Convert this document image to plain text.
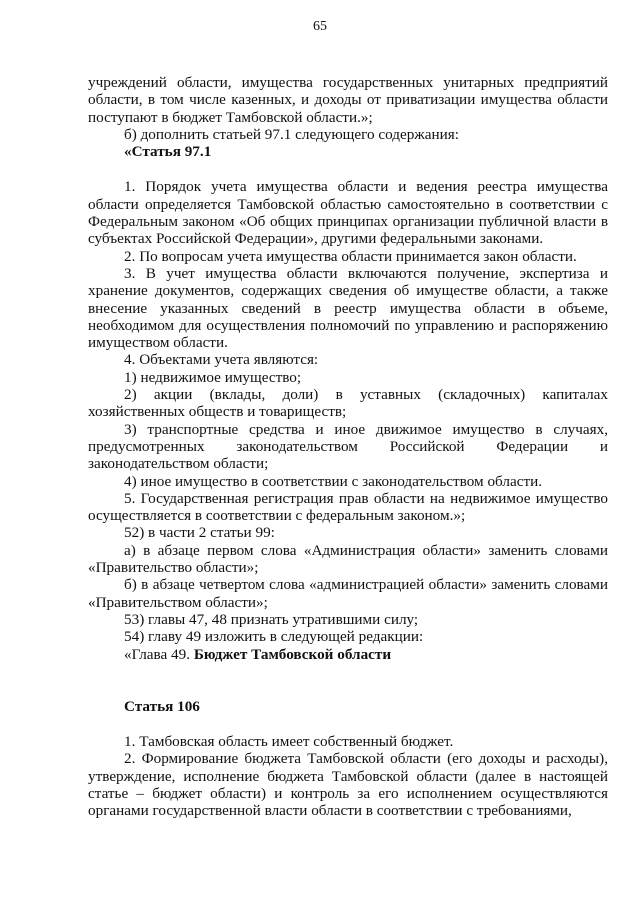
65

учреждений области, имущества государственных унитарных предприятий области, в том числе казенных, и доходы от приватизации имущества области поступают в бюджет Тамбовской области.»;

б) дополнить статьей 97.1 следующего содержания:

«Статья 97.1

1. Порядок учета имущества области и ведения реестра имущества области определяется Тамбовской областью самостоятельно в соответствии с Федеральным законом «Об общих принципах организации публичной власти в субъектах Российской Федерации», другими федеральными законами.

2. По вопросам учета имущества области принимается закон области.

3. В учет имущества области включаются получение, экспертиза и хранение документов, содержащих сведения об имуществе области, а также внесение указанных сведений в реестр имущества области в объеме, необходимом для осуществления полномочий по управлению и распоряжению имуществом области.

4. Объектами учета являются:

1) недвижимое имущество;

2) акции (вклады, доли) в уставных (складочных) капиталах хозяйственных обществ и товариществ;

3) транспортные средства и иное движимое имущество в случаях, предусмотренных законодательством Российской Федерации и законодательством области;

4) иное имущество в соответствии с законодательством области.

5. Государственная регистрация прав области на недвижимое имущество осуществляется в соответствии с федеральным законом.»;

52) в части 2 статьи 99:

а) в абзаце первом слова «Администрация области» заменить словами «Правительство области»;

б) в абзаце четвертом слова «администрацией области» заменить словами «Правительством области»;

53) главы 47, 48 признать утратившими силу;

54) главу 49 изложить в следующей редакции:

«Глава 49. Бюджет Тамбовской области

Статья 106

1. Тамбовская область имеет собственный бюджет.

2. Формирование бюджета Тамбовской области (его доходы и расходы), утверждение, исполнение бюджета Тамбовской области (далее в настоящей статье – бюджет области) и контроль за его исполнением осуществляются органами государственной власти области в соответствии с требованиями,
